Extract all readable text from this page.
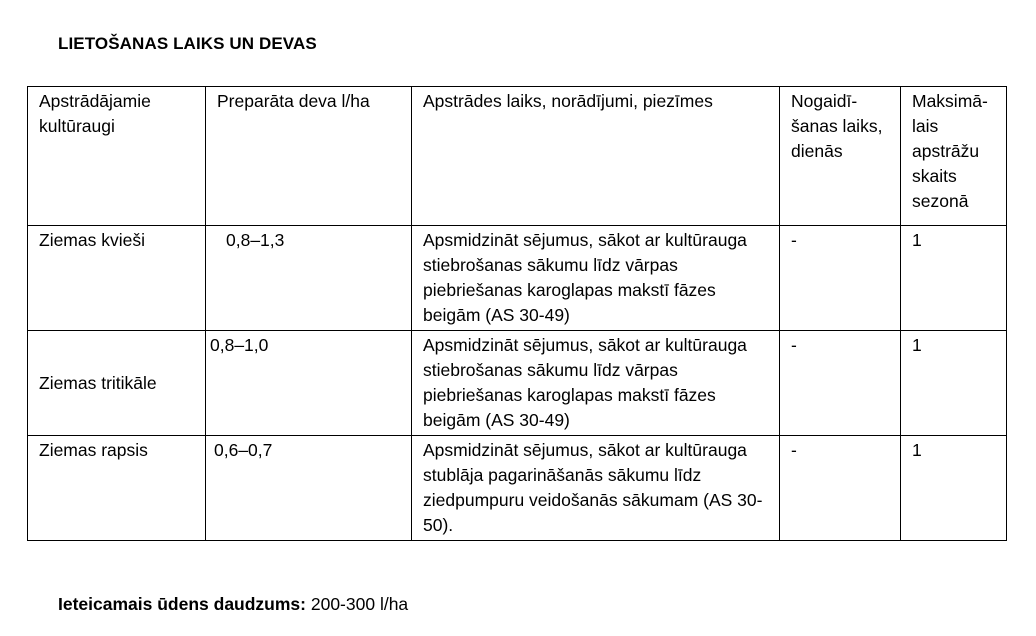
LIETOŠANAS LAIKS UN DEVAS
Apstrādājamie kultūraugi	Preparāta deva l/ha	Apstrādes laiks, norādījumi, piezīmes	Nogaidī-šanas laiks, dienās	Maksimā-lais apstrāžu skaits sezonā
Ziemas kvieši	0,8–1,3	Apsmidzināt sējumus, sākot ar kultūrauga stiebrošanas sākumu līdz vārpas piebriešanas karoglapas makstī fāzes beigām (AS 30-49)	-	1
Ziemas tritikāle	0,8–1,0	Apsmidzināt sējumus, sākot ar kultūrauga stiebrošanas sākumu līdz vārpas piebriešanas karoglapas makstī fāzes beigām (AS 30-49)	-	1
Ziemas rapsis	0,6–0,7	Apsmidzināt sējumus, sākot ar kultūrauga stublāja pagarināšanās sākumu līdz ziedpumpuru veidošanās sākumam (AS 30-50).	-	1
Ieteicamais ūdens daudzums: 200-300 l/ha
